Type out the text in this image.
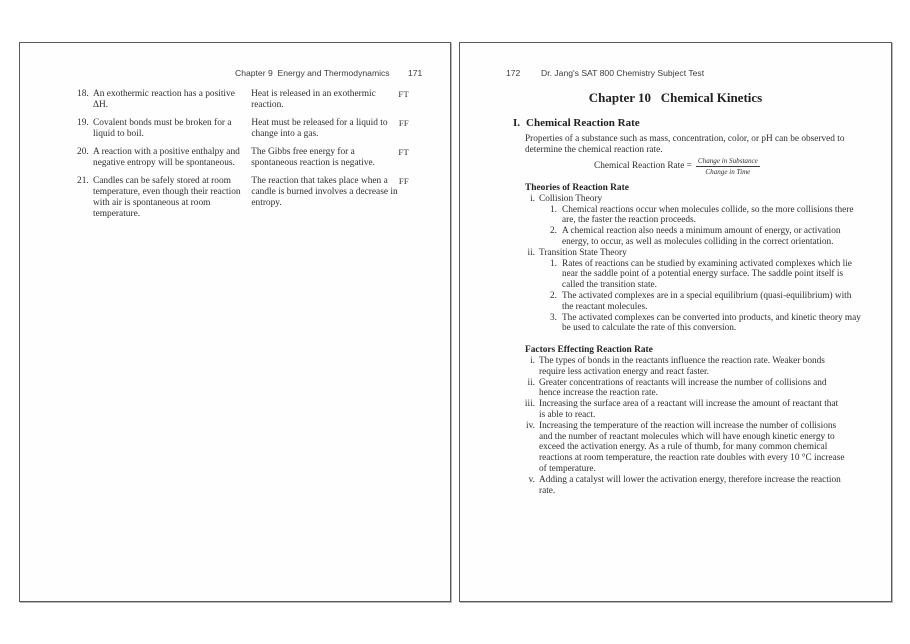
Chapter 9  Energy and Thermodynamics

171

18. An exothermic reaction has a positive ΔH.
Heat is released in an exothermic reaction.
FT
19. Covalent bonds must be broken for a liquid to boil.
Heat must be released for a liquid to change into a gas.
FF
20. A reaction with a positive enthalpy and negative entropy will be spontaneous.
The Gibbs free energy for a spontaneous reaction is negative.
FT
21. Candles can be safely stored at room temperature, even though their reaction with air is spontaneous at room temperature.
The reaction that takes place when a candle is burned involves a decrease in entropy.
FF

172

Dr. Jang's SAT 800 Chemistry Subject Test

Chapter 10   Chemical Kinetics
I. Chemical Reaction Rate
Properties of a substance such as mass, concentration, color, or pH can be observed to determine the chemical reaction rate.
Chemical Reaction Rate = $\frac{\text{Change in Substance}}{\text{Change in Time}}$
Theories of Reaction Rate
i. Collision Theory
1. Chemical reactions occur when molecules collide, so the more collisions there are, the faster the reaction proceeds.
2. A chemical reaction also needs a minimum amount of energy, or activation energy, to occur, as well as molecules colliding in the correct orientation.
ii. Transition State Theory
1. Rates of reactions can be studied by examining activated complexes which lie near the saddle point of a potential energy surface. The saddle point itself is called the transition state.
2. The activated complexes are in a special equilibrium (quasi-equilibrium) with the reactant molecules.
3. The activated complexes can be converted into products, and kinetic theory may be used to calculate the rate of this conversion.
Factors Effecting Reaction Rate
i. The types of bonds in the reactants influence the reaction rate. Weaker bonds require less activation energy and react faster.
ii. Greater concentrations of reactants will increase the number of collisions and hence increase the reaction rate.
iii. Increasing the surface area of a reactant will increase the amount of reactant that is able to react.
iv. Increasing the temperature of the reaction will increase the number of collisions and the number of reactant molecules which will have enough kinetic energy to exceed the activation energy. As a rule of thumb, for many common chemical reactions at room temperature, the reaction rate doubles with every 10 °C increase of temperature.
v. Adding a catalyst will lower the activation energy, therefore increase the reaction rate.
